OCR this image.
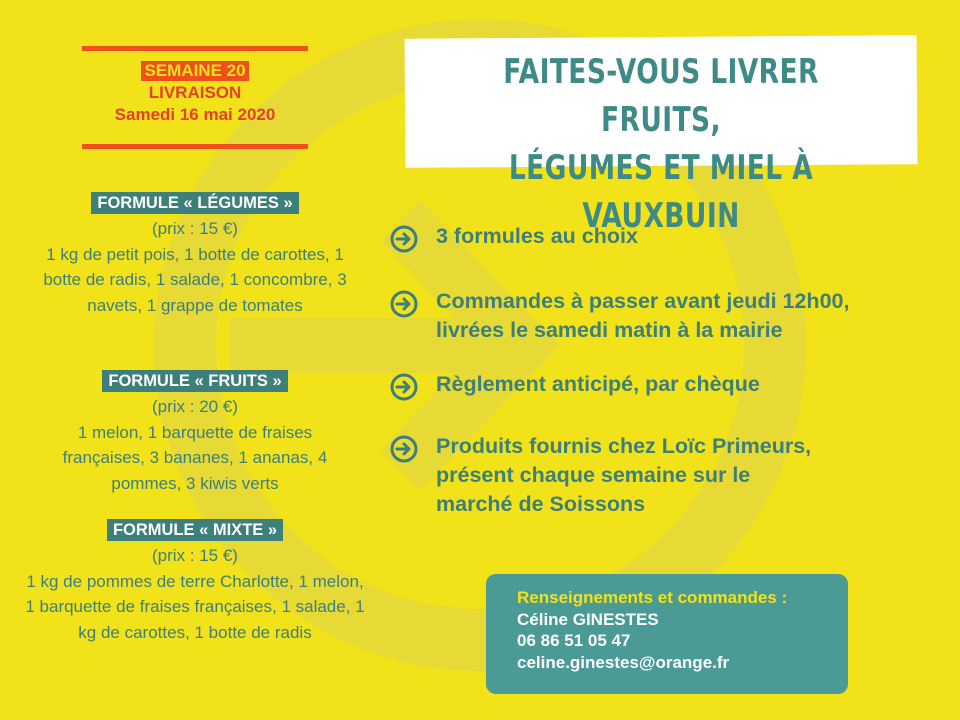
SEMAINE 20
LIVRAISON
Samedi 16 mai 2020
FORMULE « LÉGUMES »
(prix : 15 €)

1 kg de petit pois, 1 botte de carottes, 1 botte de radis, 1 salade, 1 concombre, 3 navets, 1 grappe de tomates
FORMULE « FRUITS »
(prix : 20 €)

1 melon, 1 barquette de fraises françaises, 3 bananes, 1 ananas, 4 pommes, 3 kiwis verts
FORMULE « MIXTE »
(prix : 15 €)

1 kg de pommes de terre Charlotte, 1 melon, 1 barquette de fraises françaises, 1 salade, 1 kg de carottes, 1 botte de radis
FAITES-VOUS LIVRER FRUITS,
LÉGUMES ET MIEL À VAUXBUIN
3 formules au choix
Commandes à passer avant jeudi 12h00,
livrées le samedi matin à la mairie
Règlement anticipé, par chèque
Produits fournis chez Loïc Primeurs,
présent chaque semaine sur le
marché de Soissons
Renseignements et commandes :
Céline GINESTES
06 86 51 05 47
celine.ginestes@orange.fr
